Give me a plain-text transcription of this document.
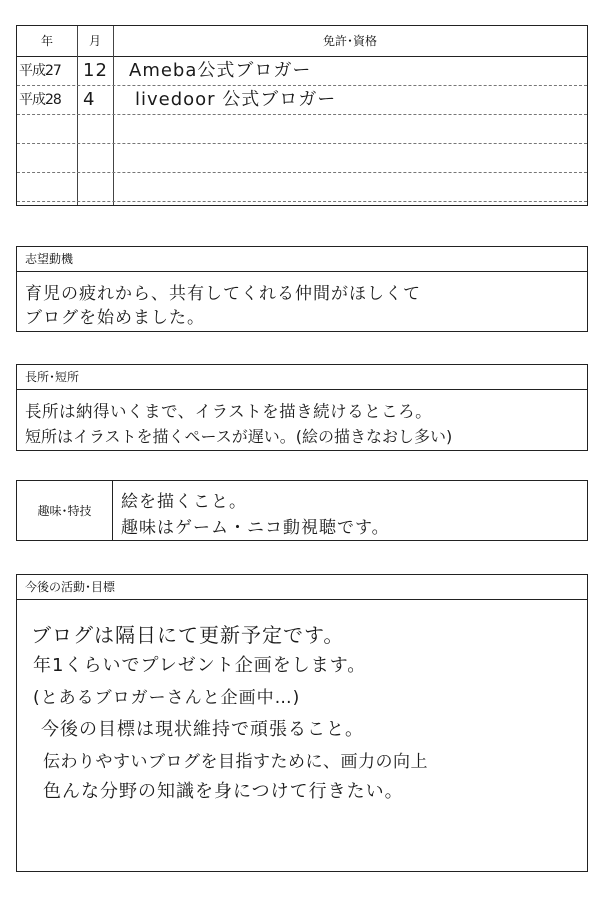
年	月	免許･資格
平成27	12 Ameba公式ブロガー
平成28	4	livedoor 公式ブロガー
志望動機
育児の疲れから、共有してくれる仲間がほしくて
ブログを始めました。
長所･短所
長所は納得いくまで、イラストを描き続けるところ。
短所はイラストを描くペースが遅い。(絵の描きなおし多い)
趣味･特技	絵を描くこと。
趣味はゲーム・ニコ動視聴です。
今後の活動･目標
ブログは隔日にて更新予定です。
年1くらいでプレゼント企画をします。
(とあるブロガーさんと企画中…)
今後の目標は現状維持で頑張ること。
伝わりやすいブログを目指すために、画力の向上
色んな分野の知識を身につけて行きたい。
